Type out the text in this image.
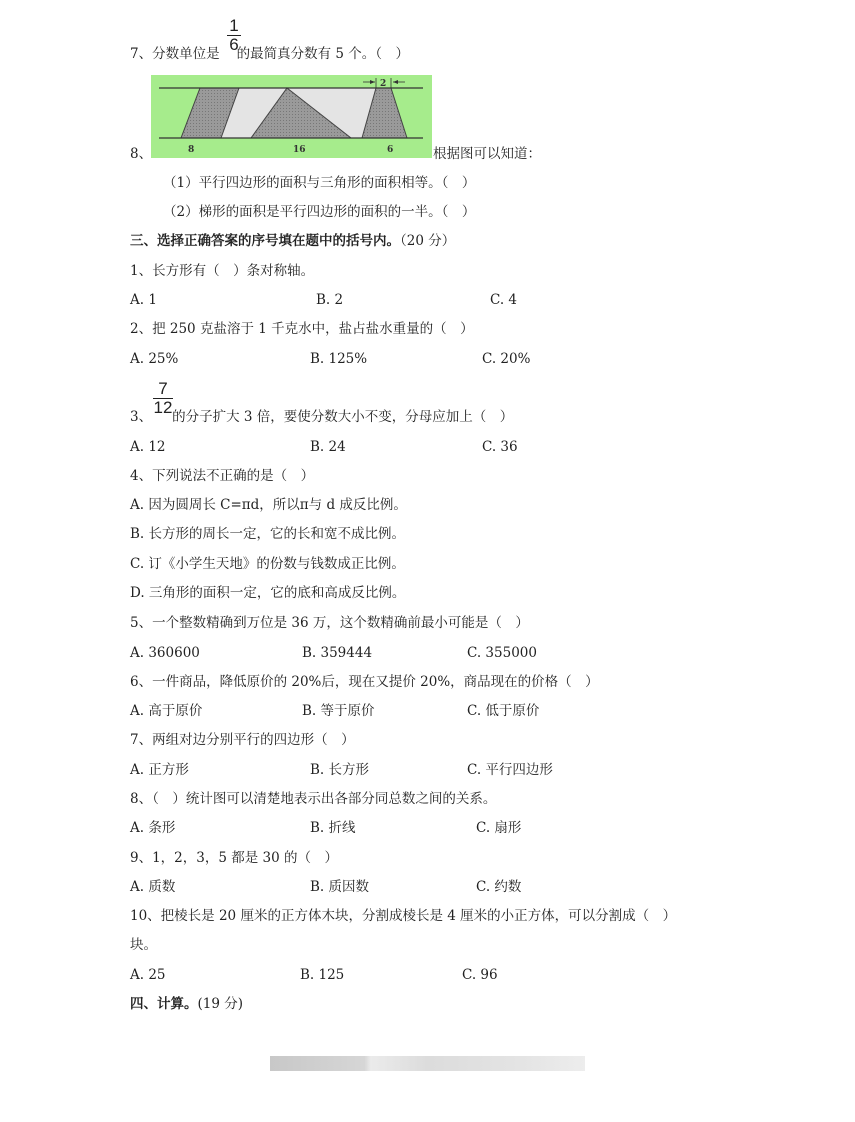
$\frac{1}{6}$
7、分数单位是 的最简真分数有 5 个。（　）
2
8	16	6
8、	根据图可以知道：
（1）平行四边形的面积与三角形的面积相等。（　）
（2）梯形的面积是平行四边形的面积的一半。（　）
三、选择正确答案的序号填在题中的括号内。（20 分）
1、长方形有（　）条对称轴。
A. 1	B. 2	C. 4
2、把 250 克盐溶于 1 千克水中，盐占盐水重量的（　）
A. 25%	B. 125%	C. 20%
$\frac{7}{12}$
3、 的分子扩大 3 倍，要使分数大小不变，分母应加上（　）
A. 12	B. 24	C. 36
4、下列说法不正确的是（　）
A. 因为圆周长 C=πd，所以π与 d 成反比例。
B. 长方形的周长一定，它的长和宽不成比例。
C. 订《小学生天地》的份数与钱数成正比例。
D. 三角形的面积一定，它的底和高成反比例。
5、一个整数精确到万位是 36 万，这个数精确前最小可能是（　）
A. 360600	B. 359444	C. 355000
6、一件商品，降低原价的 20%后，现在又提价 20%，商品现在的价格（　）
A. 高于原价	B. 等于原价	C. 低于原价
7、两组对边分别平行的四边形（　）
A. 正方形	B. 长方形	C. 平行四边形
8、（　）统计图可以清楚地表示出各部分同总数之间的关系。
A. 条形	B. 折线	C. 扇形
9、1，2，3，5 都是 30 的（　）
A. 质数	B. 质因数	C. 约数
10、把棱长是 20 厘米的正方体木块，分割成棱长是 4 厘米的小正方体，可以分割成（　）
块。
A. 25	B. 125	C. 96
四、计算。(19 分)
